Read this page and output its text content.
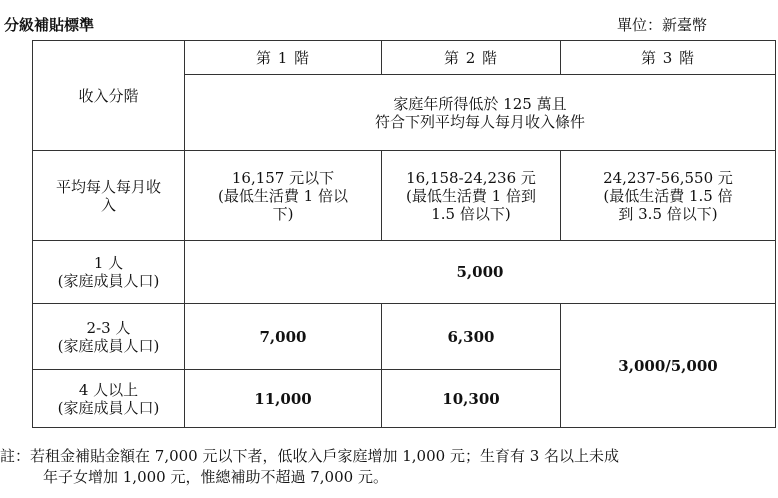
分級補貼標準	單位：新臺幣
收入分階	第 1 階	第 2 階	第 3 階

	家庭年所得低於 125 萬且
符合下列平均每人每月收入條件		

平均每人每月收
入	16,157 元以下
(最低生活費 1 倍以
下)	16,158-24,236 元
(最低生活費 1 倍到
1.5 倍以下)	24,237-56,550 元
(最低生活費 1.5 倍
到 3.5 倍以下)

1 人
(家庭成員人口)	5,000		

2-3 人
(家庭成員人口)	7,000	6,300	3,000/5,000

4 人以上
(家庭成員人口)	11,000	10,300	
註：若租金補貼金額在 7,000 元以下者，低收入戶家庭增加 1,000 元；生育有 3 名以上未成
年子女增加 1,000 元，惟總補助不超過 7,000 元。
